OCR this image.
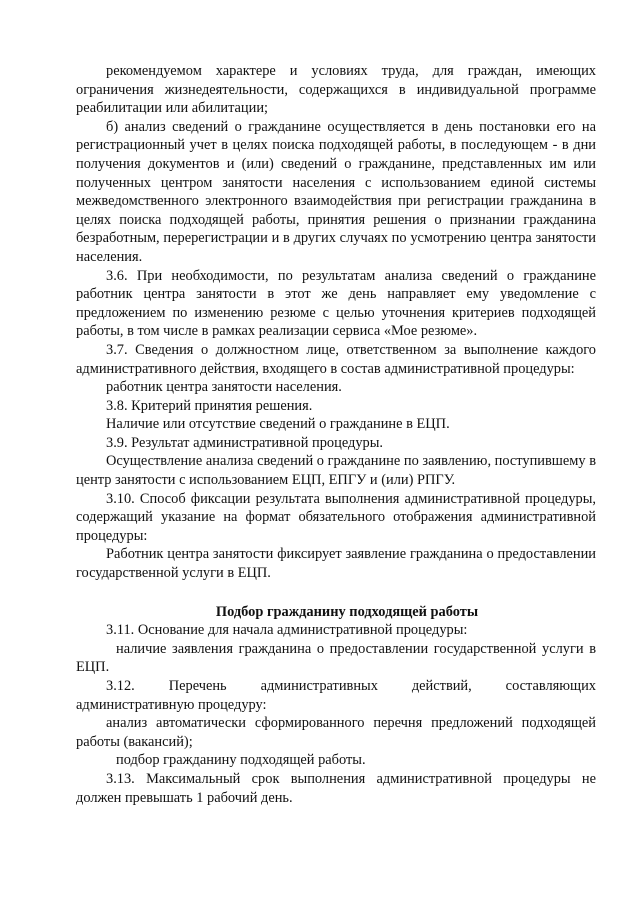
рекомендуемом характере и условиях труда, для граждан, имеющих ограничения жизнедеятельности, содержащихся в индивидуальной программе реабилитации или абилитации;

б) анализ сведений о гражданине осуществляется в день постановки его на регистрационный учет в целях поиска подходящей работы, в последующем - в дни получения документов и (или) сведений о гражданине, представленных им или полученных центром занятости населения с использованием единой системы межведомственного электронного взаимодействия при регистрации гражданина в целях поиска подходящей работы, принятия решения о признании гражданина безработным, перерегистрации и в других случаях по усмотрению центра занятости населения.

3.6. При необходимости, по результатам анализа сведений о гражданине работник центра занятости в этот же день направляет ему уведомление с предложением по изменению резюме с целью уточнения критериев подходящей работы, в том числе в рамках реализации сервиса «Мое резюме».

3.7. Сведения о должностном лице, ответственном за выполнение каждого административного действия, входящего в состав административной процедуры:

работник центра занятости населения.

3.8. Критерий принятия решения.

Наличие или отсутствие сведений о гражданине в ЕЦП.

3.9. Результат административной процедуры.

Осуществление анализа сведений о гражданине по заявлению, поступившему в центр занятости с использованием ЕЦП, ЕПГУ и (или) РПГУ.

3.10. Способ фиксации результата выполнения административной процедуры, содержащий указание на формат обязательного отображения административной процедуры:

Работник центра занятости фиксирует заявление гражданина о предоставлении государственной услуги в ЕЦП.

Подбор гражданину подходящей работы

3.11. Основание для начала административной процедуры:

наличие заявления гражданина о предоставлении государственной услуги в ЕЦП.

3.12. Перечень административных действий, составляющих административную процедуру:

анализ автоматически сформированного перечня предложений подходящей работы (вакансий);

подбор гражданину подходящей работы.

3.13. Максимальный срок выполнения административной процедуры не должен превышать 1 рабочий день.
